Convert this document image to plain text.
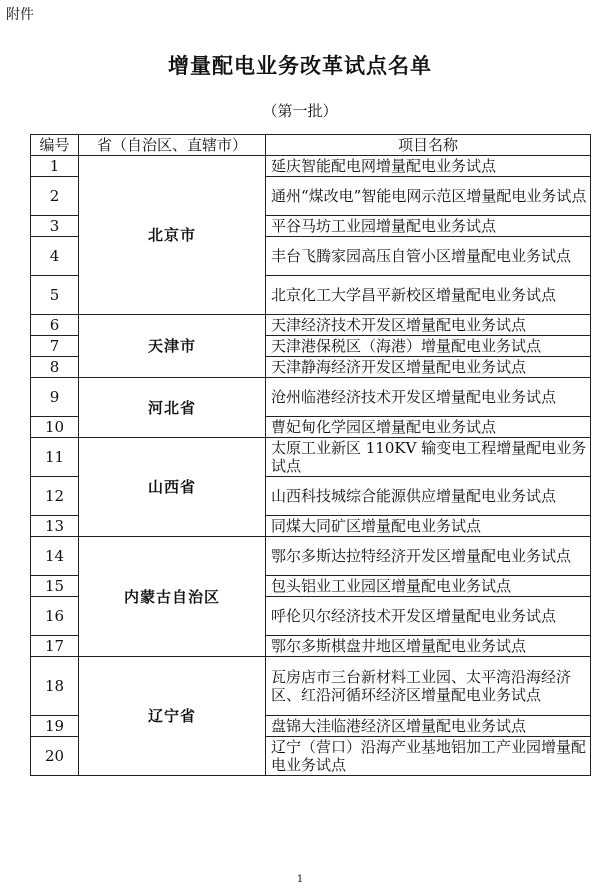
附件
增量配电业务改革试点名单
（第一批）
编号	省（自治区、直辖市）	项目名称
1	北京市	延庆智能配电网增量配电业务试点
2		通州“煤改电”智能电网示范区增量配电业务试点
3		平谷马坊工业园增量配电业务试点
4		丰台飞腾家园高压自管小区增量配电业务试点
5		北京化工大学昌平新校区增量配电业务试点
6	天津市	天津经济技术开发区增量配电业务试点
7		天津港保税区（海港）增量配电业务试点
8		天津静海经济开发区增量配电业务试点
9	河北省	沧州临港经济技术开发区增量配电业务试点
10		曹妃甸化学园区增量配电业务试点
11	山西省	太原工业新区 110KV 输变电工程增量配电业务试点
12		山西科技城综合能源供应增量配电业务试点
13		同煤大同矿区增量配电业务试点
14	内蒙古自治区	鄂尔多斯达拉特经济开发区增量配电业务试点
15		包头铝业工业园区增量配电业务试点
16		呼伦贝尔经济技术开发区增量配电业务试点
17		鄂尔多斯棋盘井地区增量配电业务试点
18	辽宁省	瓦房店市三台新材料工业园、太平湾沿海经济区、红沿河循环经济区增量配电业务试点
19		盘锦大洼临港经济区增量配电业务试点
20		辽宁（营口）沿海产业基地铝加工产业园增量配电业务试点
1
